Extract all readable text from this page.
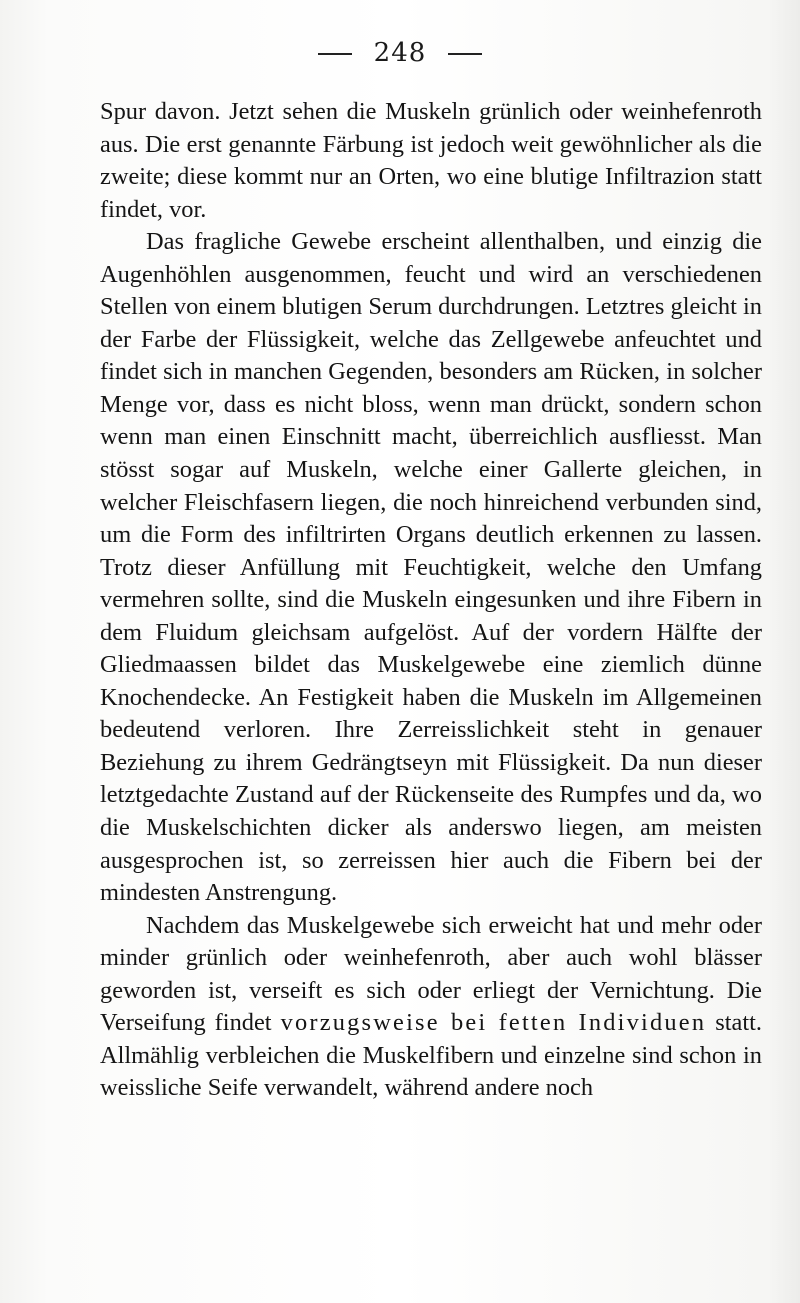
248

Spur davon. Jetzt sehen die Muskeln grünlich oder weinhefenroth aus. Die erst genannte Färbung ist jedoch weit gewöhnlicher als die zweite; diese kommt nur an Orten, wo eine blutige Infiltrazion statt findet, vor.

Das fragliche Gewebe erscheint allenthalben, und einzig die Augenhöhlen ausgenommen, feucht und wird an verschiedenen Stellen von einem blutigen Serum durchdrungen. Letztres gleicht in der Farbe der Flüssigkeit, welche das Zellgewebe anfeuchtet und findet sich in manchen Gegenden, besonders am Rücken, in solcher Menge vor, dass es nicht bloss, wenn man drückt, sondern schon wenn man einen Einschnitt macht, überreichlich ausfliesst. Man stösst sogar auf Muskeln, welche einer Gallerte gleichen, in welcher Fleischfasern liegen, die noch hinreichend verbunden sind, um die Form des infiltrirten Organs deutlich erkennen zu lassen. Trotz dieser Anfüllung mit Feuchtigkeit, welche den Umfang vermehren sollte, sind die Muskeln eingesunken und ihre Fibern in dem Fluidum gleichsam aufgelöst. Auf der vordern Hälfte der Gliedmaassen bildet das Muskelgewebe eine ziemlich dünne Knochendecke. An Festigkeit haben die Muskeln im Allgemeinen bedeutend verloren. Ihre Zerreisslichkeit steht in genauer Beziehung zu ihrem Gedrängtseyn mit Flüssigkeit. Da nun dieser letztgedachte Zustand auf der Rückenseite des Rumpfes und da, wo die Muskelschichten dicker als anderswo liegen, am meisten ausgesprochen ist, so zerreissen hier auch die Fibern bei der mindesten Anstrengung.

Nachdem das Muskelgewebe sich erweicht hat und mehr oder minder grünlich oder weinhefenroth, aber auch wohl blässer geworden ist, verseift es sich oder erliegt der Vernichtung. Die Verseifung findet vorzugsweise bei fetten Individuen statt. Allmählig verbleichen die Muskelfibern und einzelne sind schon in weissliche Seife verwandelt, während andere noch
